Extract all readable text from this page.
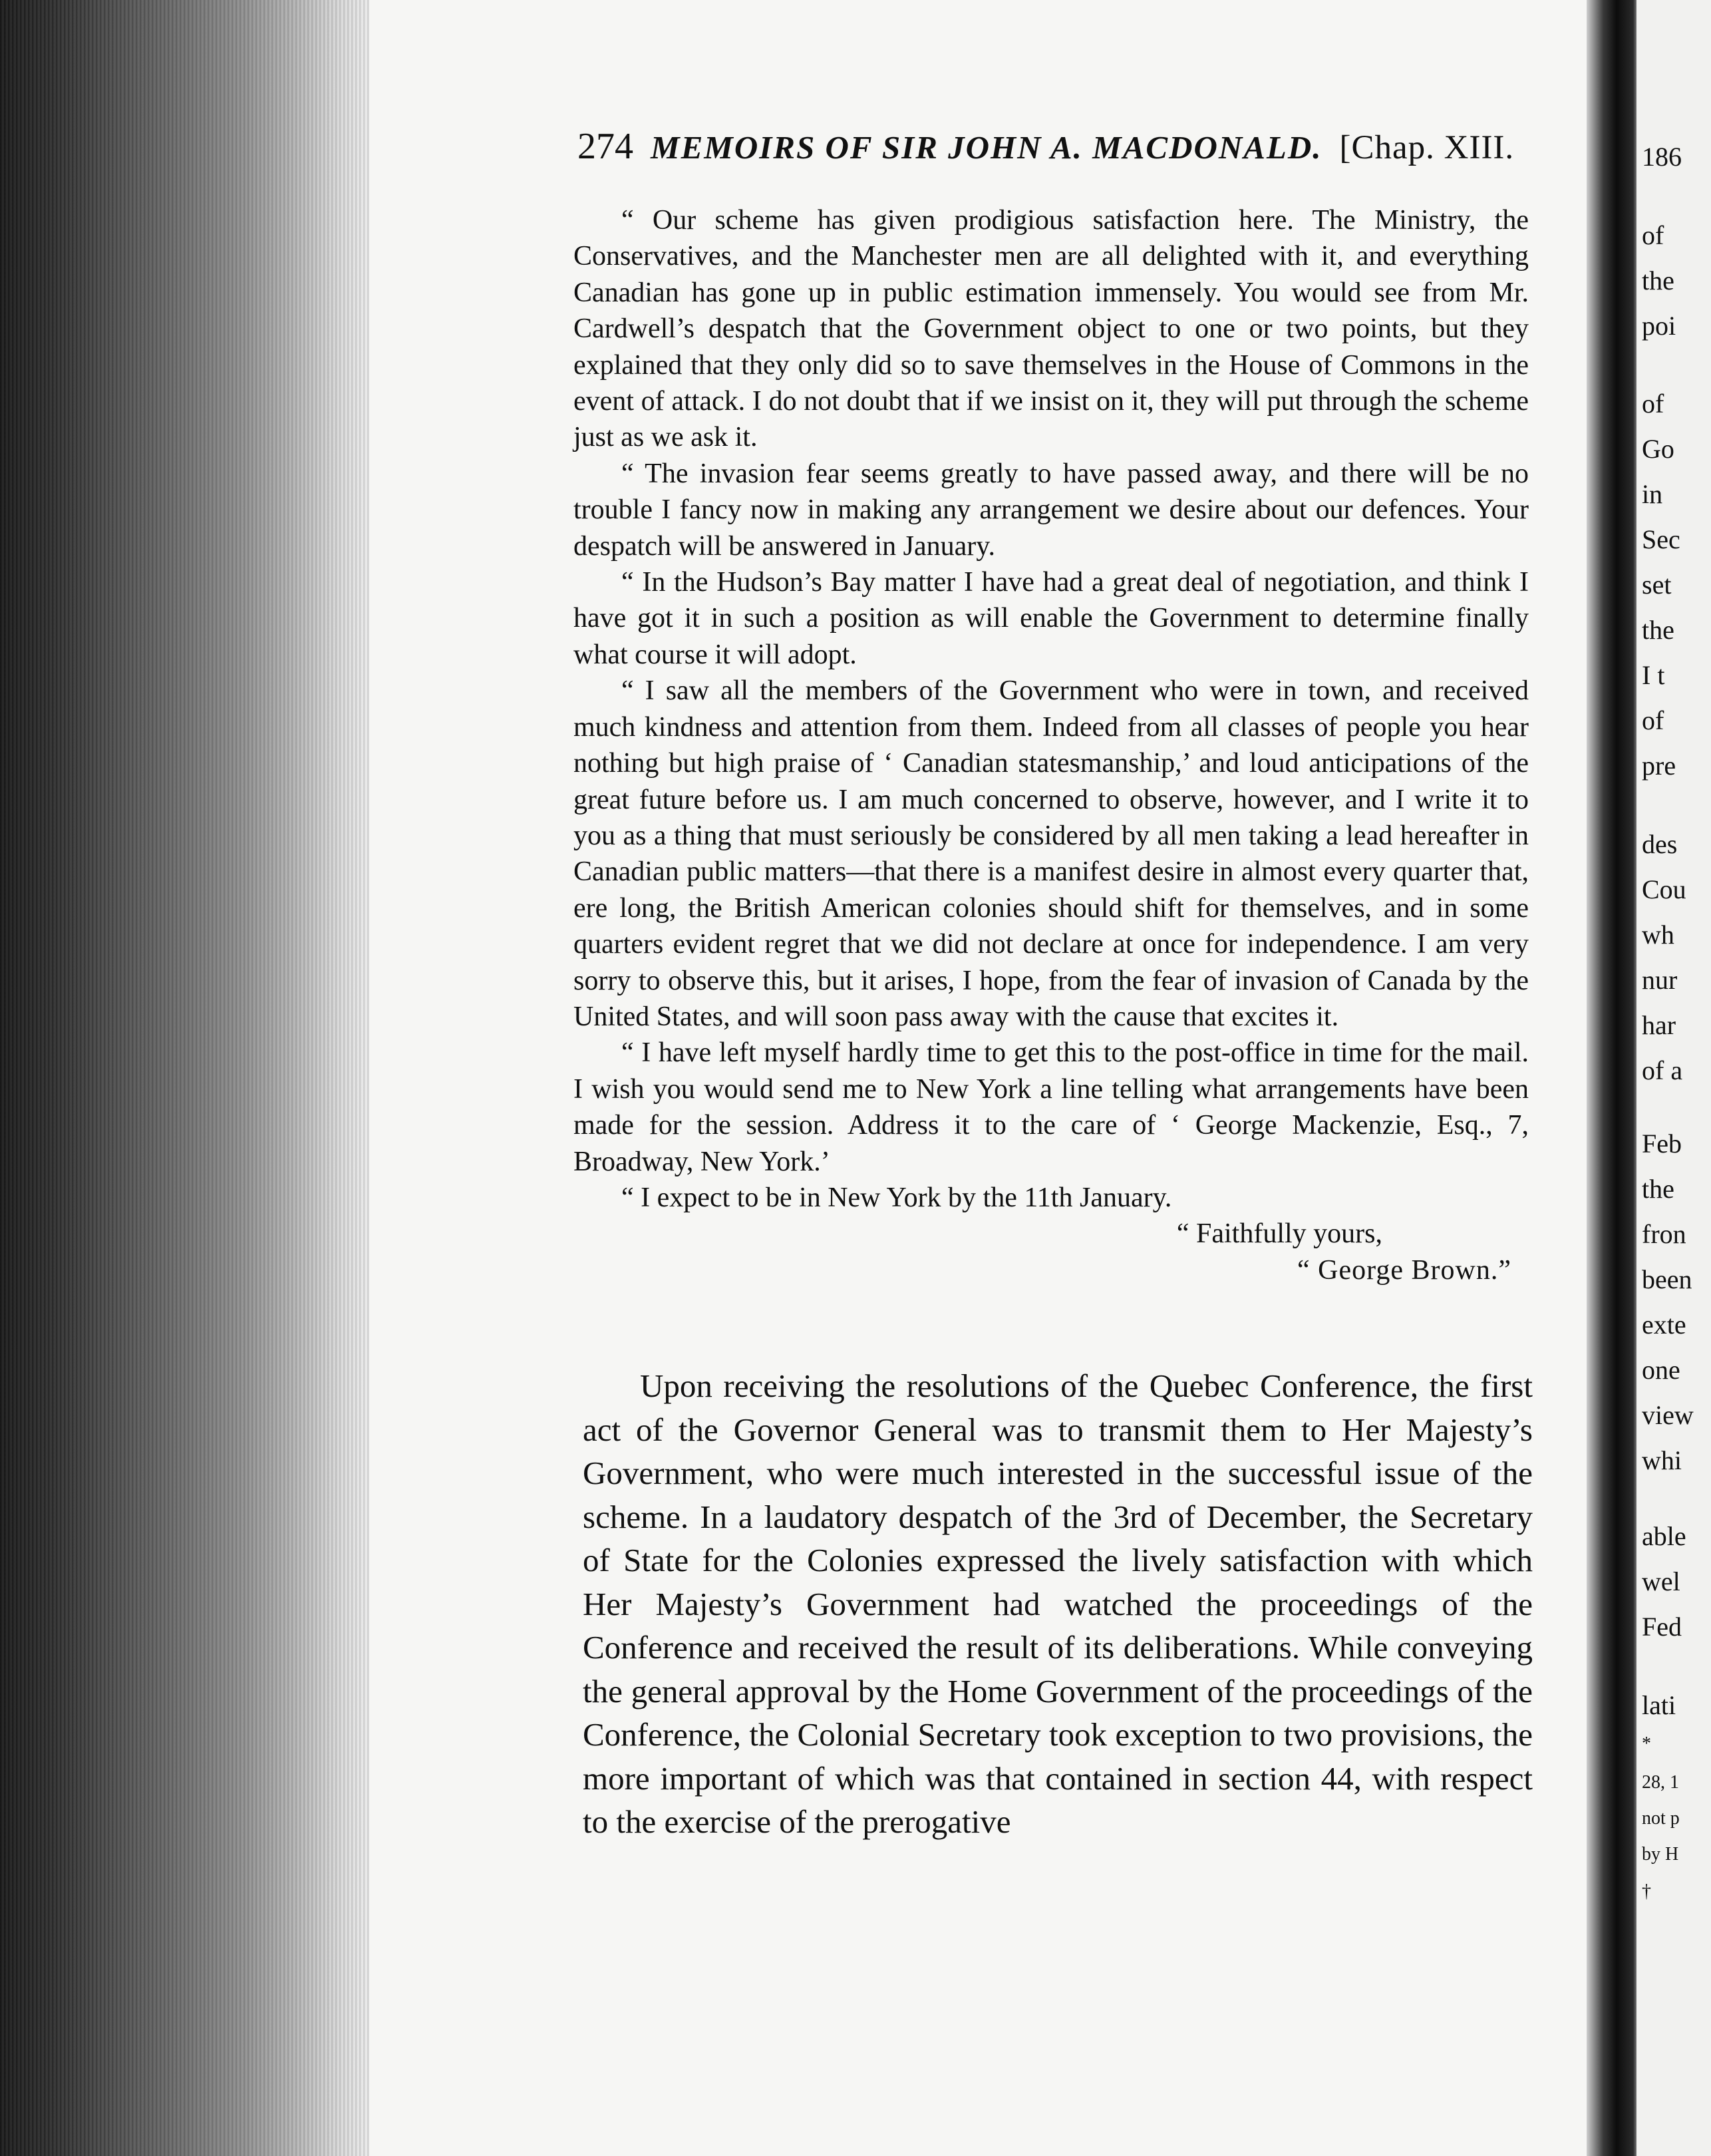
274 MEMOIRS OF SIR JOHN A. MACDONALD. [Chap. XIII.

“ Our scheme has given prodigious satisfaction here. The Ministry, the Conservatives, and the Manchester men are all delighted with it, and everything Canadian has gone up in public estimation immensely. You would see from Mr. Cardwell’s despatch that the Government object to one or two points, but they explained that they only did so to save themselves in the House of Commons in the event of attack. I do not doubt that if we insist on it, they will put through the scheme just as we ask it.

“ The invasion fear seems greatly to have passed away, and there will be no trouble I fancy now in making any arrangement we desire about our defences. Your despatch will be answered in January.

“ In the Hudson’s Bay matter I have had a great deal of negotiation, and think I have got it in such a position as will enable the Government to determine finally what course it will adopt.

“ I saw all the members of the Government who were in town, and received much kindness and attention from them. Indeed from all classes of people you hear nothing but high praise of ‘ Canadian statesmanship,’ and loud anticipations of the great future before us. I am much concerned to observe, however, and I write it to you as a thing that must seriously be considered by all men taking a lead hereafter in Canadian public matters—that there is a manifest desire in almost every quarter that, ere long, the British American colonies should shift for themselves, and in some quarters evident regret that we did not declare at once for independence. I am very sorry to observe this, but it arises, I hope, from the fear of invasion of Canada by the United States, and will soon pass away with the cause that excites it.

“ I have left myself hardly time to get this to the post-office in time for the mail. I wish you would send me to New York a line telling what arrangements have been made for the session. Address it to the care of ‘ George Mackenzie, Esq., 7, Broadway, New York.’

“ I expect to be in New York by the 11th January.

“ Faithfully yours,
“ George Brown.”

Upon receiving the resolutions of the Quebec Conference, the first act of the Governor General was to transmit them to Her Majesty’s Government, who were much interested in the successful issue of the scheme. In a laudatory despatch of the 3rd of December, the Secretary of State for the Colonies expressed the lively satisfaction with which Her Majesty’s Government had watched the proceedings of the Conference and received the result of its deliberations. While conveying the general approval by the Home Government of the proceedings of the Conference, the Colonial Secretary took exception to two provisions, the more important of which was that contained in section 44, with respect to the exercise of the prerogative

186
of
the
poi
of
Go
in
Sec
set
the
I t
of
pre
des
Cou
wh
nur
har
of a
Feb
the
fron
been
exte
one
view
whi
able
wel
Fed
lati
*
28, 1
not p
by H
†
